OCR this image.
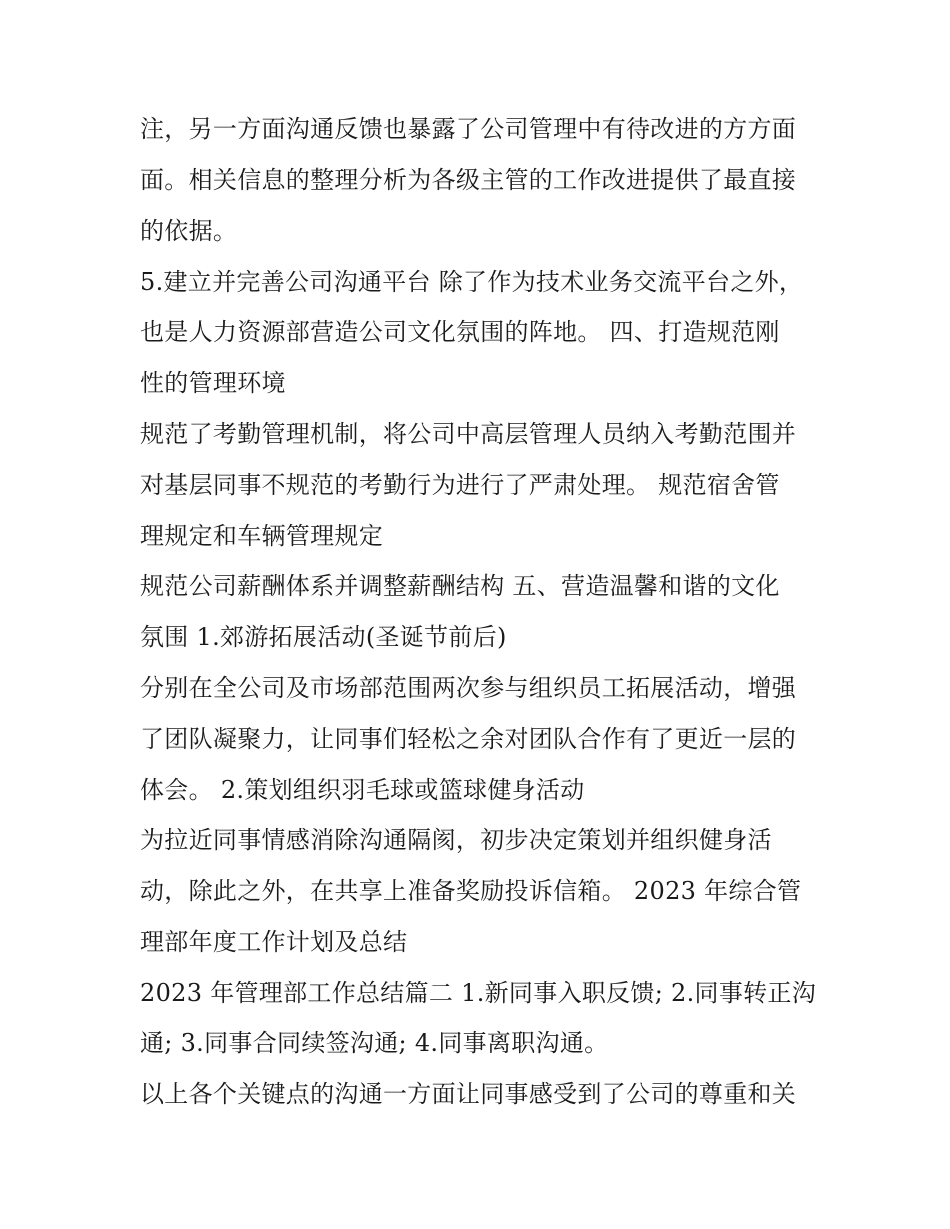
注，另一方面沟通反馈也暴露了公司管理中有待改进的方方面
面。相关信息的整理分析为各级主管的工作改进提供了最直接
的依据。
5.建立并完善公司沟通平台 除了作为技术业务交流平台之外，
也是人力资源部营造公司文化氛围的阵地。 四、打造规范刚
性的管理环境
规范了考勤管理机制，将公司中高层管理人员纳入考勤范围并
对基层同事不规范的考勤行为进行了严肃处理。 规范宿舍管
理规定和车辆管理规定
规范公司薪酬体系并调整薪酬结构 五、营造温馨和谐的文化
氛围 1.郊游拓展活动(圣诞节前后)
分别在全公司及市场部范围两次参与组织员工拓展活动，增强
了团队凝聚力，让同事们轻松之余对团队合作有了更近一层的
体会。 2.策划组织羽毛球或篮球健身活动
为拉近同事情感消除沟通隔阂，初步决定策划并组织健身活
动，除此之外，在共享上准备奖励投诉信箱。 2023 年综合管
理部年度工作计划及总结
2023 年管理部工作总结篇二 1.新同事入职反馈; 2.同事转正沟
通; 3.同事合同续签沟通; 4.同事离职沟通。
以上各个关键点的沟通一方面让同事感受到了公司的尊重和关
